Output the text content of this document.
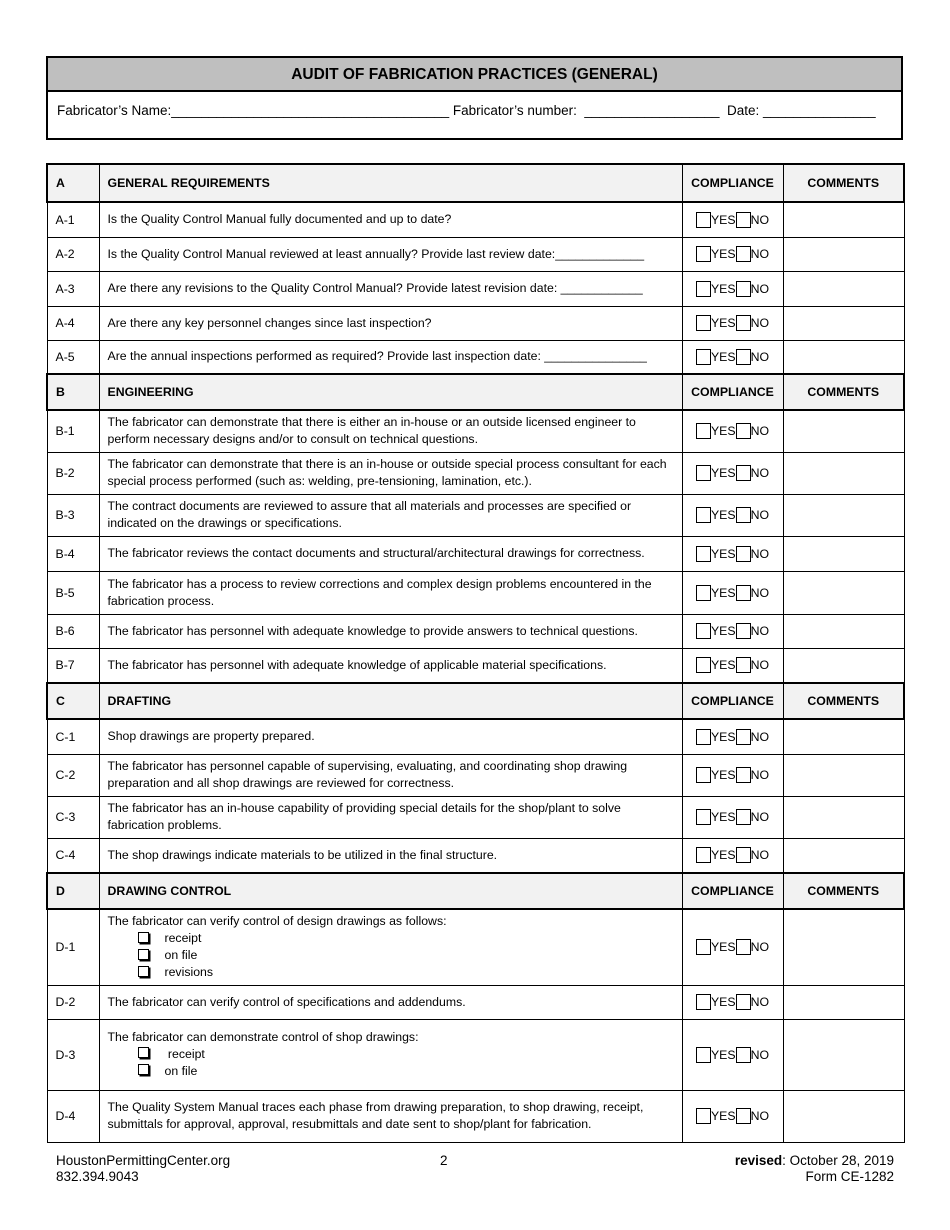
AUDIT OF FABRICATION PRACTICES (GENERAL)
Fabricator’s Name:_____________________________________ Fabricator’s number:  __________________  Date: _______________
A	GENERAL REQUIREMENTS	COMPLIANCE	COMMENTS
A-1	Is the Quality Control Manual fully documented and up to date?	YES NO	
A-2	Is the Quality Control Manual reviewed at least annually? Provide last review date:_____________	YES NO	
A-3	Are there any revisions to the Quality Control Manual? Provide latest revision date: ____________	YES NO	
A-4	Are there any key personnel changes since last inspection?	YES NO	
A-5	Are the annual inspections performed as required? Provide last inspection date: _______________	YES NO	
B	ENGINEERING	COMPLIANCE	COMMENTS
B-1	The fabricator can demonstrate that there is either an in-house or an outside licensed engineer to perform necessary designs and/or to consult on technical questions.	YES NO	
B-2	The fabricator can demonstrate that there is an in-house or outside special process consultant for each special process performed (such as: welding, pre-tensioning, lamination, etc.).	YES NO	
B-3	The contract documents are reviewed to assure that all materials and processes are specified or indicated on the drawings or specifications.	YES NO	
B-4	The fabricator reviews the contact documents and structural/architectural drawings for correctness.	YES NO	
B-5	The fabricator has a process to review corrections and complex design problems encountered in the fabrication process.	YES NO	
B-6	The fabricator has personnel with adequate knowledge to provide answers to technical questions.	YES NO	
B-7	The fabricator has personnel with adequate knowledge of applicable material specifications.	YES NO	
C	DRAFTING	COMPLIANCE	COMMENTS
C-1	Shop drawings are property prepared.	YES NO	
C-2	The fabricator has personnel capable of supervising, evaluating, and coordinating shop drawing preparation and all shop drawings are reviewed for correctness.	YES NO	
C-3	The fabricator has an in-house capability of providing special details for the shop/plant to solve fabrication problems.	YES NO	
C-4	The shop drawings indicate materials to be utilized in the final structure.	YES NO	
D	DRAWING CONTROL	COMPLIANCE	COMMENTS
D-1	The fabricator can verify control of design drawings as follows:
receipt
on file
revisions	YES NO	
D-2	The fabricator can verify control of specifications and addendums.	YES NO	
D-3	The fabricator can demonstrate control of shop drawings:
receipt
on file	YES NO	
D-4	The Quality System Manual traces each phase from drawing preparation, to shop drawing, receipt, submittals for approval, approval, resubmittals and date sent to shop/plant for fabrication.	YES NO	
HoustonPermittingCenter.org
832.394.9043
2	revised: October 28, 2019
Form CE-1282
